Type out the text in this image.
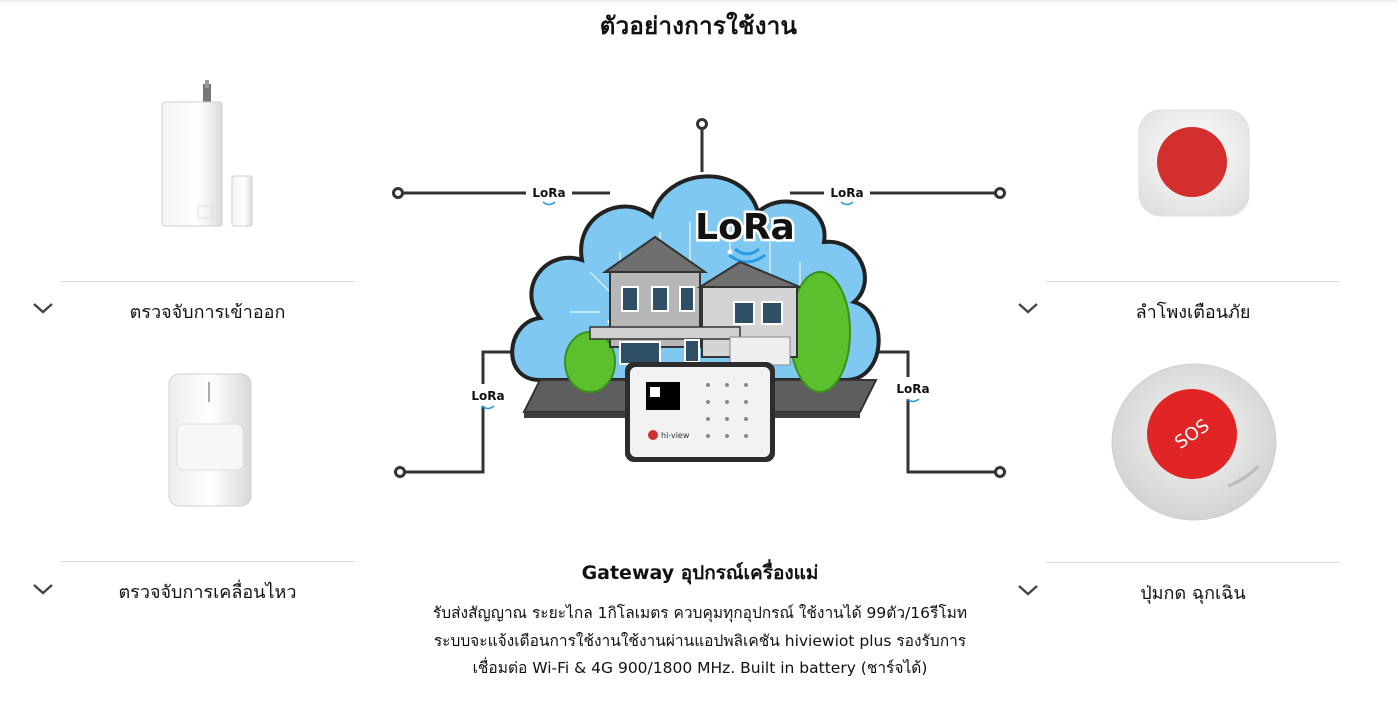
ตัวอย่างการใช้งาน
ตรวจจับการเข้าออก
ตรวจจับการเคลื่อนไหว
ลำโพงเตือนภัย
SOS
ปุ่มกด ฉุกเฉิน
LoRa	LoRa
LoRa	LoRa
LoRa
hi-view
Gateway อุปกรณ์เครื่องแม่
รับส่งสัญญาณ ระยะไกล 1กิโลเมตร ควบคุมทุกอุปกรณ์ ใช้งานได้ 99ตัว/16รีโมท
ระบบจะแจ้งเตือนการใช้งานใช้งานผ่านแอปพลิเคชัน hiviewiot plus รองรับการ
เชื่อมต่อ Wi-Fi & 4G 900/1800 MHz. Built in battery (ชาร์จได้)
